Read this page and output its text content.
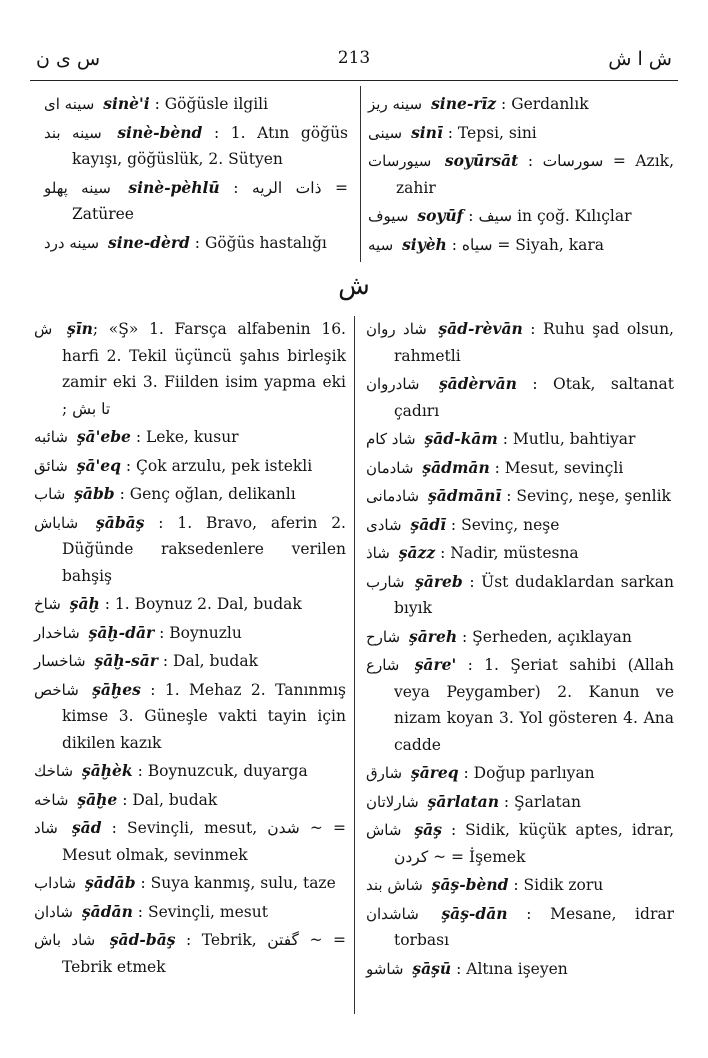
س ى ن	213	ش ا ش

سينه ای sinè'i : Göğüsle ilgili

سينه بند sinè-bènd : 1. Atın göğüs kayışı, göğüslük, 2. Sütyen

سينه پهلو sinè-pèhlū : ذات الريه = Zatüree

سينه درد sine-dèrd : Göğüs hastalığı

سينه ريز sine-rīz : Gerdanlık

سينی sinī : Tepsi, sini

سيورسات soyūrsāt : سورسات = Azık, zahir

سيوف soyūf : سيف in çoğ. Kılıçlar

سيه siyèh : سياه = Siyah, kara

ش

ش şīn; «Ş» 1. Farsça alfabenin 16. harfi 2. Tekil üçüncü şahıs birleşik zamir eki 3. Fiilden isim yapma eki ; تا بش

شائبه şā'ebe : Leke, kusur

شائق şā'eq : Çok arzulu, pek istekli

شاب şābb : Genç oğlan, delikanlı

شاباش şābāş : 1. Bravo, aferin 2. Düğünde raksedenlere verilen bahşiş

شاخ şāḫ : 1. Boynuz 2. Dal, budak

شاخدار şāḫ-dār : Boynuzlu

شاخسار şāḫ-sār : Dal, budak

شاخص şāḫes : 1. Mehaz 2. Tanınmış kimse 3. Güneşle vakti tayin için dikilen kazık

شاخك şāḫèk : Boynuzcuk, duyarga

شاخه şāḫe : Dal, budak

شاد şād : Sevinçli, mesut, شدن ~ = Mesut olmak, sevinmek

شاداب şādāb : Suya kanmış, sulu, taze

شادان şādān : Sevinçli, mesut

شاد باش şād-bāş : Tebrik, گفتن ~ = Tebrik etmek

شاد روان şād-rèvān : Ruhu şad olsun, rahmetli

شادروان şādèrvān : Otak, saltanat çadırı

شاد كام şād-kām : Mutlu, bahtiyar

شادمان şādmān : Mesut, sevinçli

شادمانی şādmānī : Sevinç, neşe, şenlik

شادی şādī : Sevinç, neşe

شاذ şāzz : Nadir, müstesna

شارب şāreb : Üst dudaklardan sarkan bıyık

شارح şāreh : Şerheden, açıklayan

شارع şāre' : 1. Şeriat sahibi (Allah veya Peygamber) 2. Kanun ve nizam koyan 3. Yol gösteren 4. Ana cadde

شارق şāreq : Doğup parlıyan

شارلاتان şārlatan : Şarlatan

شاش şāş : Sidik, küçük aptes, idrar, كردن ~ = İşemek

شاش بند şāş-bènd : Sidik zoru

شاشدان şāş-dān : Mesane, idrar torbası

شاشو şāşū : Altına işeyen
